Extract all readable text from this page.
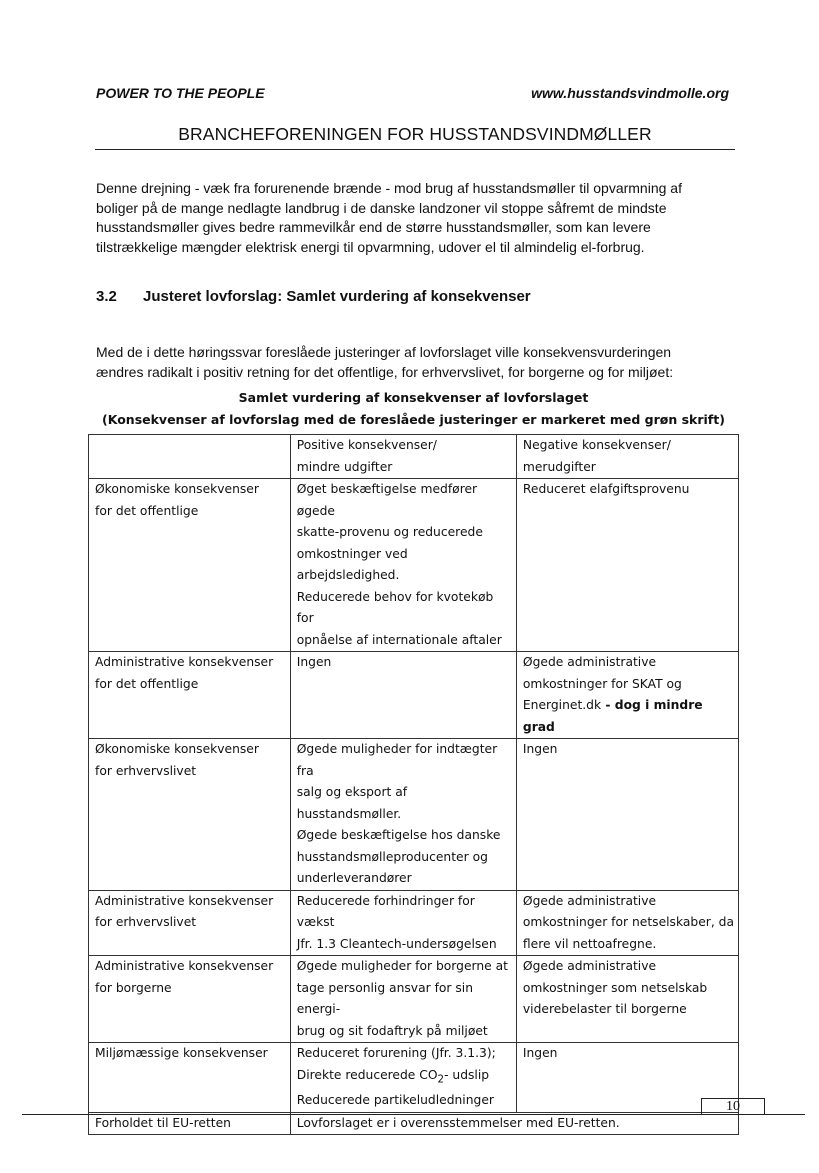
POWER TO THE PEOPLE	www.husstandsvindmolle.org
BRANCHEFORENINGEN FOR HUSSTANDSVINDMØLLER

Denne drejning - væk fra forurenende brænde - mod brug af husstandsmøller til opvarmning af
boliger på de mange nedlagte landbrug i de danske landzoner vil stoppe såfremt de mindste
husstandsmøller gives bedre rammevilkår end de større husstandsmøller, som kan levere
tilstrækkelige mængder elektrisk energi til opvarmning, udover el til almindelig el-forbrug.

3.2 Justeret lovforslag: Samlet vurdering af konsekvenser

Med de i dette høringssvar foreslåede justeringer af lovforslaget ville konsekvensvurderingen
ændres radikalt i positiv retning for det offentlige, for erhvervslivet, for borgerne og for miljøet:

Samlet vurdering af konsekvenser af lovforslaget
(Konsekvenser af lovforslag med de foreslåede justeringer er markeret med grøn skrift)

	Positive konsekvenser/
mindre udgifter	Negative konsekvenser/
merudgifter

Økonomiske konsekvenser
for det offentlige	Øget beskæftigelse medfører øgede
skatte-provenu og reducerede
omkostninger ved arbejdsledighed.
Reducerede behov for kvotekøb for
opnåelse af internationale aftaler	Reduceret elafgiftsprovenu

Administrative konsekvenser
for det offentlige	Ingen	Øgede administrative
omkostninger for SKAT og
Energinet.dk - dog i mindre grad

Økonomiske konsekvenser
for erhvervslivet	Øgede muligheder for indtægter fra
salg og eksport af husstandsmøller.
Øgede beskæftigelse hos danske
husstandsmølleproducenter og
underleverandører	Ingen

Administrative konsekvenser
for erhvervslivet	Reducerede forhindringer for vækst
Jfr. 1.3 Cleantech-undersøgelsen	Øgede administrative
omkostninger for netselskaber, da
flere vil nettoafregne.

Administrative konsekvenser
for borgerne	Øgede muligheder for borgerne at
tage personlig ansvar for sin energi-
brug og sit fodaftryk på miljøet	Øgede administrative
omkostninger som netselskab
viderebelaster til borgerne

Miljømæssige konsekvenser	Reduceret forurening (Jfr. 3.1.3);
Direkte reducerede $CO_2-$ udslip
Reducerede partikeludledninger	Ingen

Forholdet til EU-retten	Lovforslaget er i overensstemmelser med EU-retten.	
10
